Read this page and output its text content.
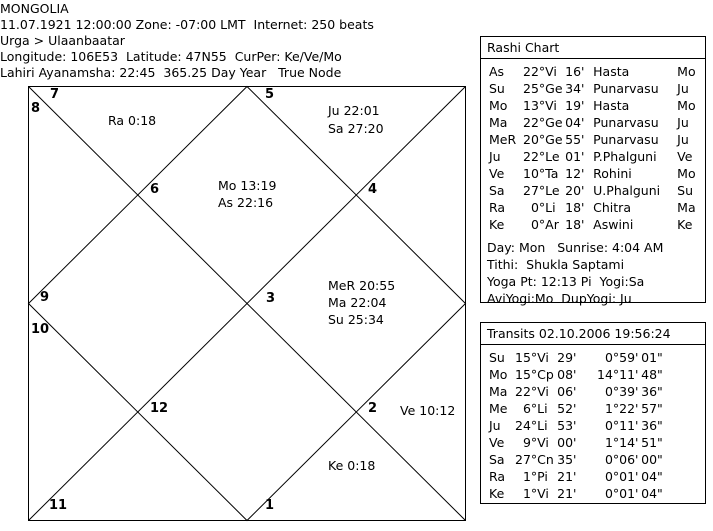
MONGOLIA
11.07.1921 12:00:00 Zone: -07:00 LMT  Internet: 250 beats
Urga > Ulaanbaatar
Longitude: 106E53  Latitude: 47N55  CurPer: Ke/Ve/Mo
Lahiri Ayanamsha: 22:45  365.25 Day Year   True Node
7
8
5
6	4
9	3
10
12	2
11	1
Ra 0:18
Ju 22:01
Sa 27:20
Mo 13:19
As 22:16
MeR 20:55
Ma 22:04
Su 25:34
Ve 10:12
Ke 0:18
Rashi Chart
As	22°	Vi	16'	Hasta	Mo
Su	25°	Ge	34'	Punarvasu	Ju
Mo	13°	Vi	19'	Hasta	Mo
Ma	22°	Ge	04'	Punarvasu	Ju
MeR	20°	Ge	55'	Punarvasu	Ju
Ju	22°	Le	01'	P.Phalguni	Ve
Ve	10°	Ta	12'	Rohini	Mo
Sa	27°	Le	20'	U.Phalguni	Su
Ra	0°	Li	18'	Chitra	Ma
Ke	0°	Ar	18'	Aswini	Ke
Day: Mon   Sunrise: 4:04 AM
Tithi:  Shukla Saptami
Yoga Pt: 12:13 Pi  Yogi:Sa
AviYogi:Mo  DupYogi: Ju
Transits 02.10.2006 19:56:24
Su	15°	Vi	29'	0°	59'	01"
Mo	15°	Cp	08'	14°	11'	48"
Ma	22°	Vi	06'	0°	39'	36"
Me	6°	Li	52'	1°	22'	57"
Ju	24°	Li	53'	0°	11'	36"
Ve	9°	Vi	00'	1°	14'	51"
Sa	27°	Cn	35'	0°	06'	00"
Ra	1°	Pi	21'	0°	01'	04"
Ke	1°	Vi	21'	0°	01'	04"
